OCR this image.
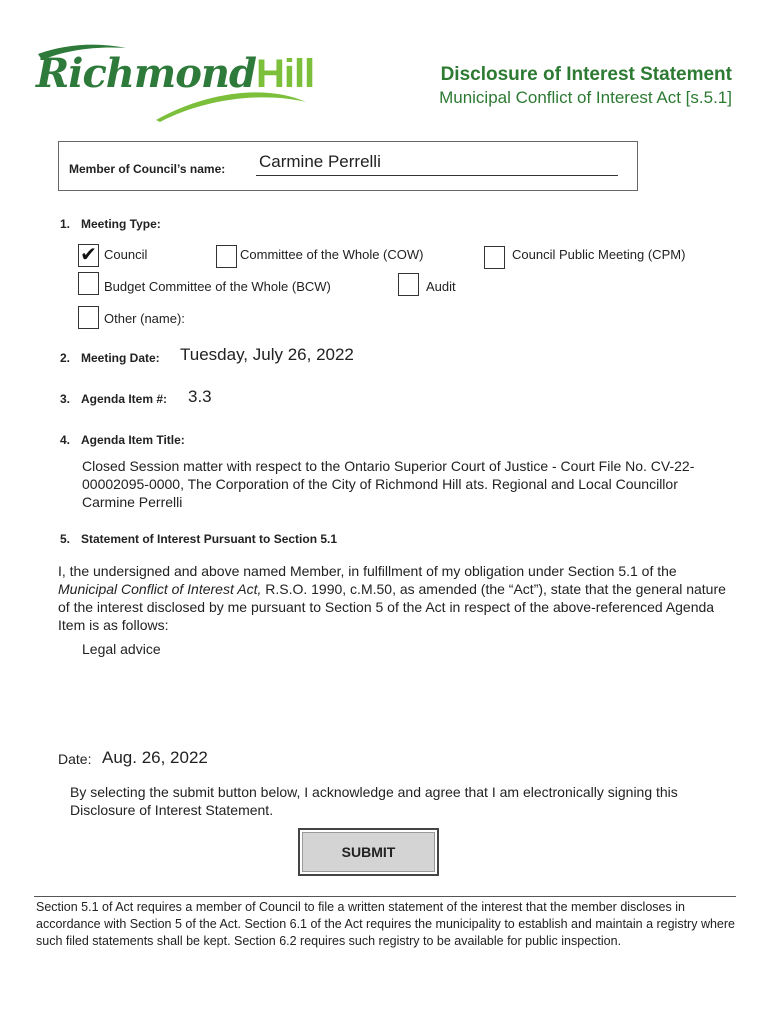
RichmondHill	Disclosure of Interest Statement
Municipal Conflict of Interest Act [s.5.1]
Member of Council’s name: Carmine Perrelli
1. Meeting Type:
✔ Council	Committee of the Whole (COW)	Council Public Meeting (CPM)
Budget Committee of the Whole (BCW)	Audit
Other (name):
2. Meeting Date: Tuesday, July 26, 2022
3. Agenda Item #: 3.3
4. Agenda Item Title:
Closed Session matter with respect to the Ontario Superior Court of Justice - Court File No. CV-22-00002095-0000, The Corporation of the City of Richmond Hill ats. Regional and Local Councillor Carmine Perrelli
5. Statement of Interest Pursuant to Section 5.1
I, the undersigned and above named Member, in fulfillment of my obligation under Section 5.1 of the Municipal Conflict of Interest Act, R.S.O. 1990, c.M.50, as amended (the “Act”), state that the general nature of the interest disclosed by me pursuant to Section 5 of the Act in respect of the above-referenced Agenda Item is as follows:
Legal advice
Date: Aug. 26, 2022
By selecting the submit button below, I acknowledge and agree that I am electronically signing this Disclosure of Interest Statement.
SUBMIT
Section 5.1 of Act requires a member of Council to file a written statement of the interest that the member discloses in accordance with Section 5 of the Act. Section 6.1 of the Act requires the municipality to establish and maintain a registry where such filed statements shall be kept. Section 6.2 requires such registry to be available for public inspection.
